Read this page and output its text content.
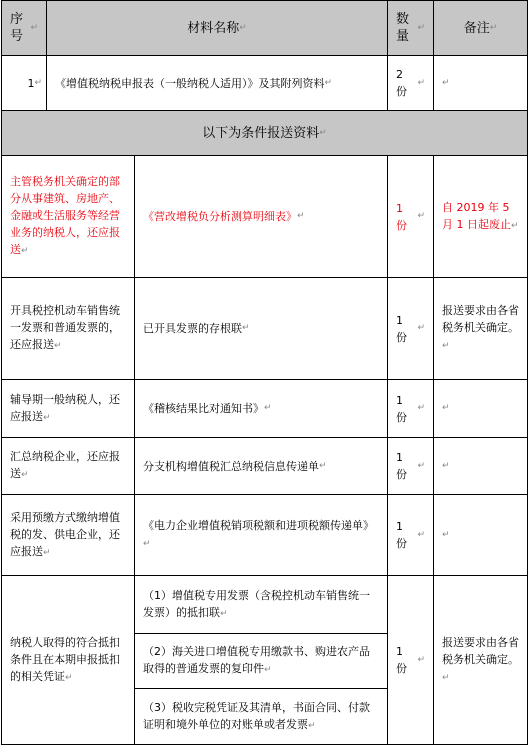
序号
↵	材料名称 ↵
数量
↵	备注 ↵
1 ↵ 《增值税纳税申报表（一般纳税人适用）》及其附列资料 ↵
2 份
↵ ↵
以下为条件报送资料 ↵
主管税务机关确定的部分从事建筑、房地产、金融或生活服务等经营业务的纳税人，还应报送↵
《营改增税负分析测算明细表》 ↵
1 份
↵
自 2019 年 5 月 1 日起废止↵
开具税控机动车销售统一发票和普通发票的，还应报送↵
已开具发票的存根联 ↵
1 份
↵
报送要求由各省税务机关确定。↵
辅导期一般纳税人，还应报送↵
《稽核结果比对通知书》 ↵
1 份
↵ ↵
汇总纳税企业，还应报送↵
分支机构增值税汇总纳税信息传递单 ↵
1 份
↵ ↵
采用预缴方式缴纳增值税的发、供电企业，还应报送↵
《电力企业增值税销项税额和进项税额传递单》↵
1 份
↵ ↵
纳税人取得的符合抵扣条件且在本期申报抵扣的相关凭证↵
（1）增值税专用发票（含税控机动车销售统一发票）的抵扣联↵
（2）海关进口增值税专用缴款书、购进农产品取得的普通发票的复印件↵
（3）税收完税凭证及其清单，书面合同、付款证明和境外单位的对账单或者发票↵
1 份
↵
报送要求由各省税务机关确定。↵
